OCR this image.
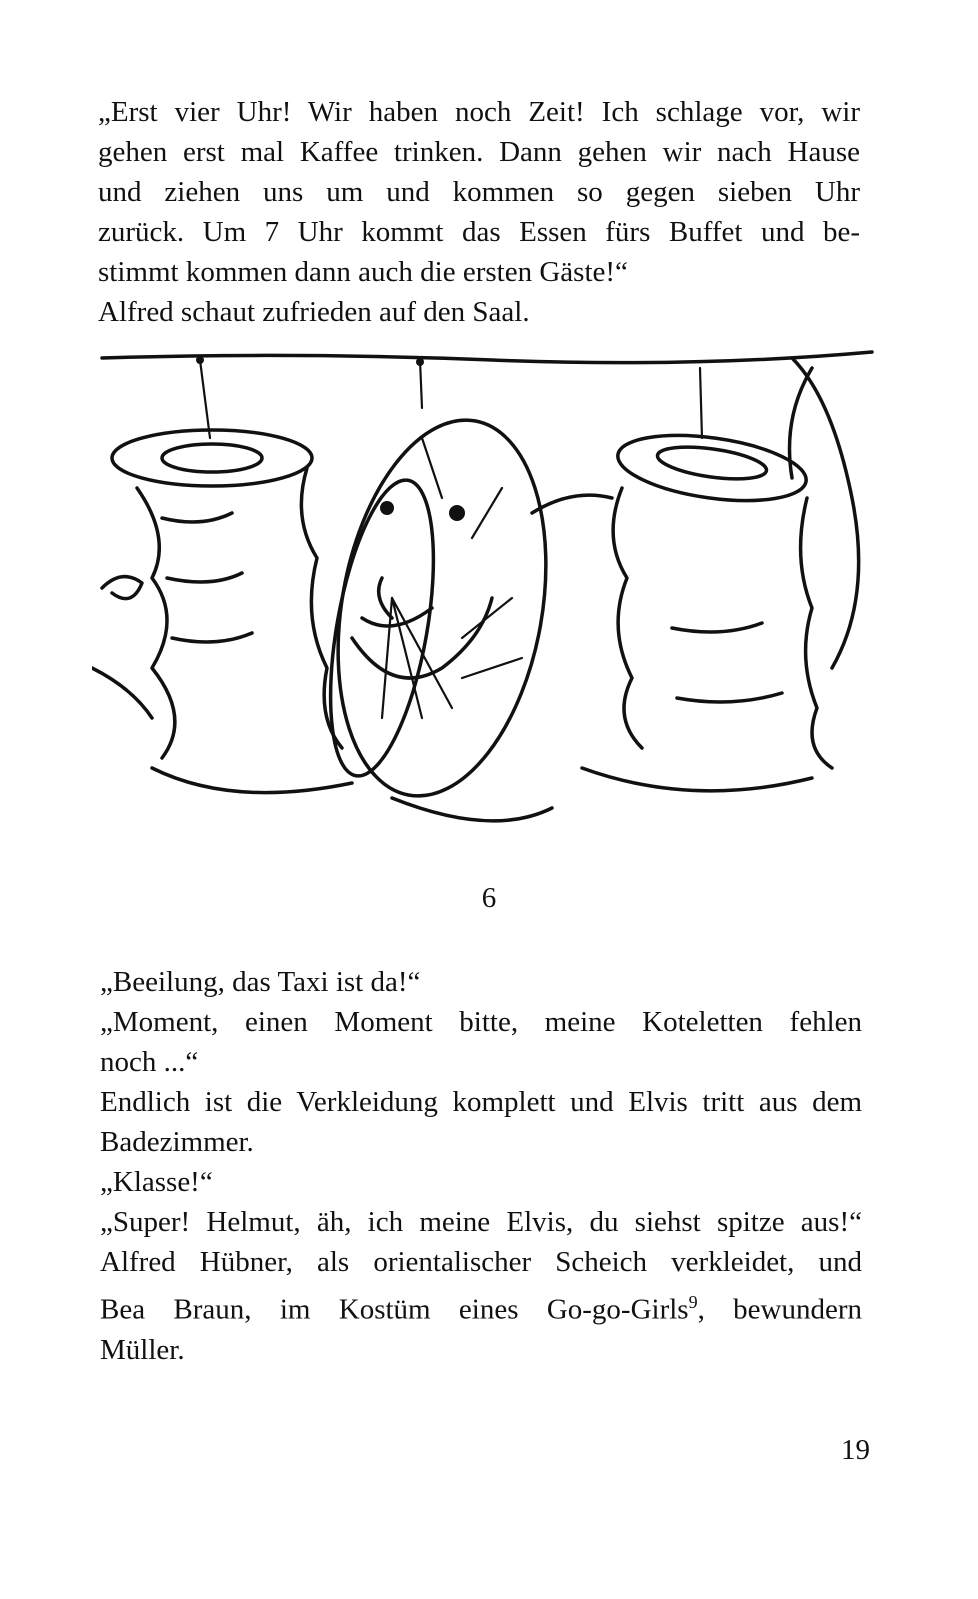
„Erst vier Uhr! Wir haben noch Zeit! Ich schlage vor, wir

gehen erst mal Kaffee trinken. Dann gehen wir nach Hause

und ziehen uns um und kommen so gegen sieben Uhr

zurück. Um 7 Uhr kommt das Essen fürs Buffet und be-

stimmt kommen dann auch die ersten Gäste!“

Alfred schaut zufrieden auf den Saal.

6

„Beeilung, das Taxi ist da!“

„Moment, einen Moment bitte, meine Koteletten fehlen

noch ...“

Endlich ist die Verkleidung komplett und Elvis tritt aus dem

Badezimmer.

„Klasse!“

„Super! Helmut, äh, ich meine Elvis, du siehst spitze aus!“

Alfred Hübner, als orientalischer Scheich verkleidet, und

Bea Braun, im Kostüm eines Go-go-Girls$^9$, bewundern

Müller.

19
